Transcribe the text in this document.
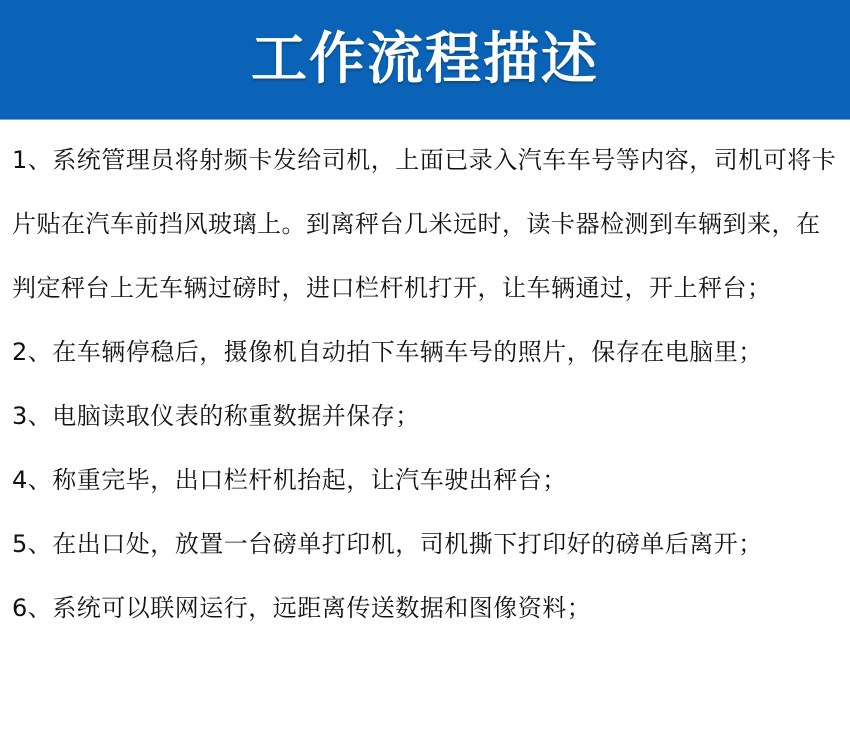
工作流程描述

1、系统管理员将射频卡发给司机，上面已录入汽车车号等内容，司机可将卡片贴在汽车前挡风玻璃上。到离秤台几米远时，读卡器检测到车辆到来，在判定秤台上无车辆过磅时，进口栏杆机打开，让车辆通过，开上秤台；

2、在车辆停稳后，摄像机自动拍下车辆车号的照片，保存在电脑里；

3、电脑读取仪表的称重数据并保存；

4、称重完毕，出口栏杆机抬起，让汽车驶出秤台；

5、在出口处，放置一台磅单打印机，司机撕下打印好的磅单后离开；

6、系统可以联网运行，远距离传送数据和图像资料；
